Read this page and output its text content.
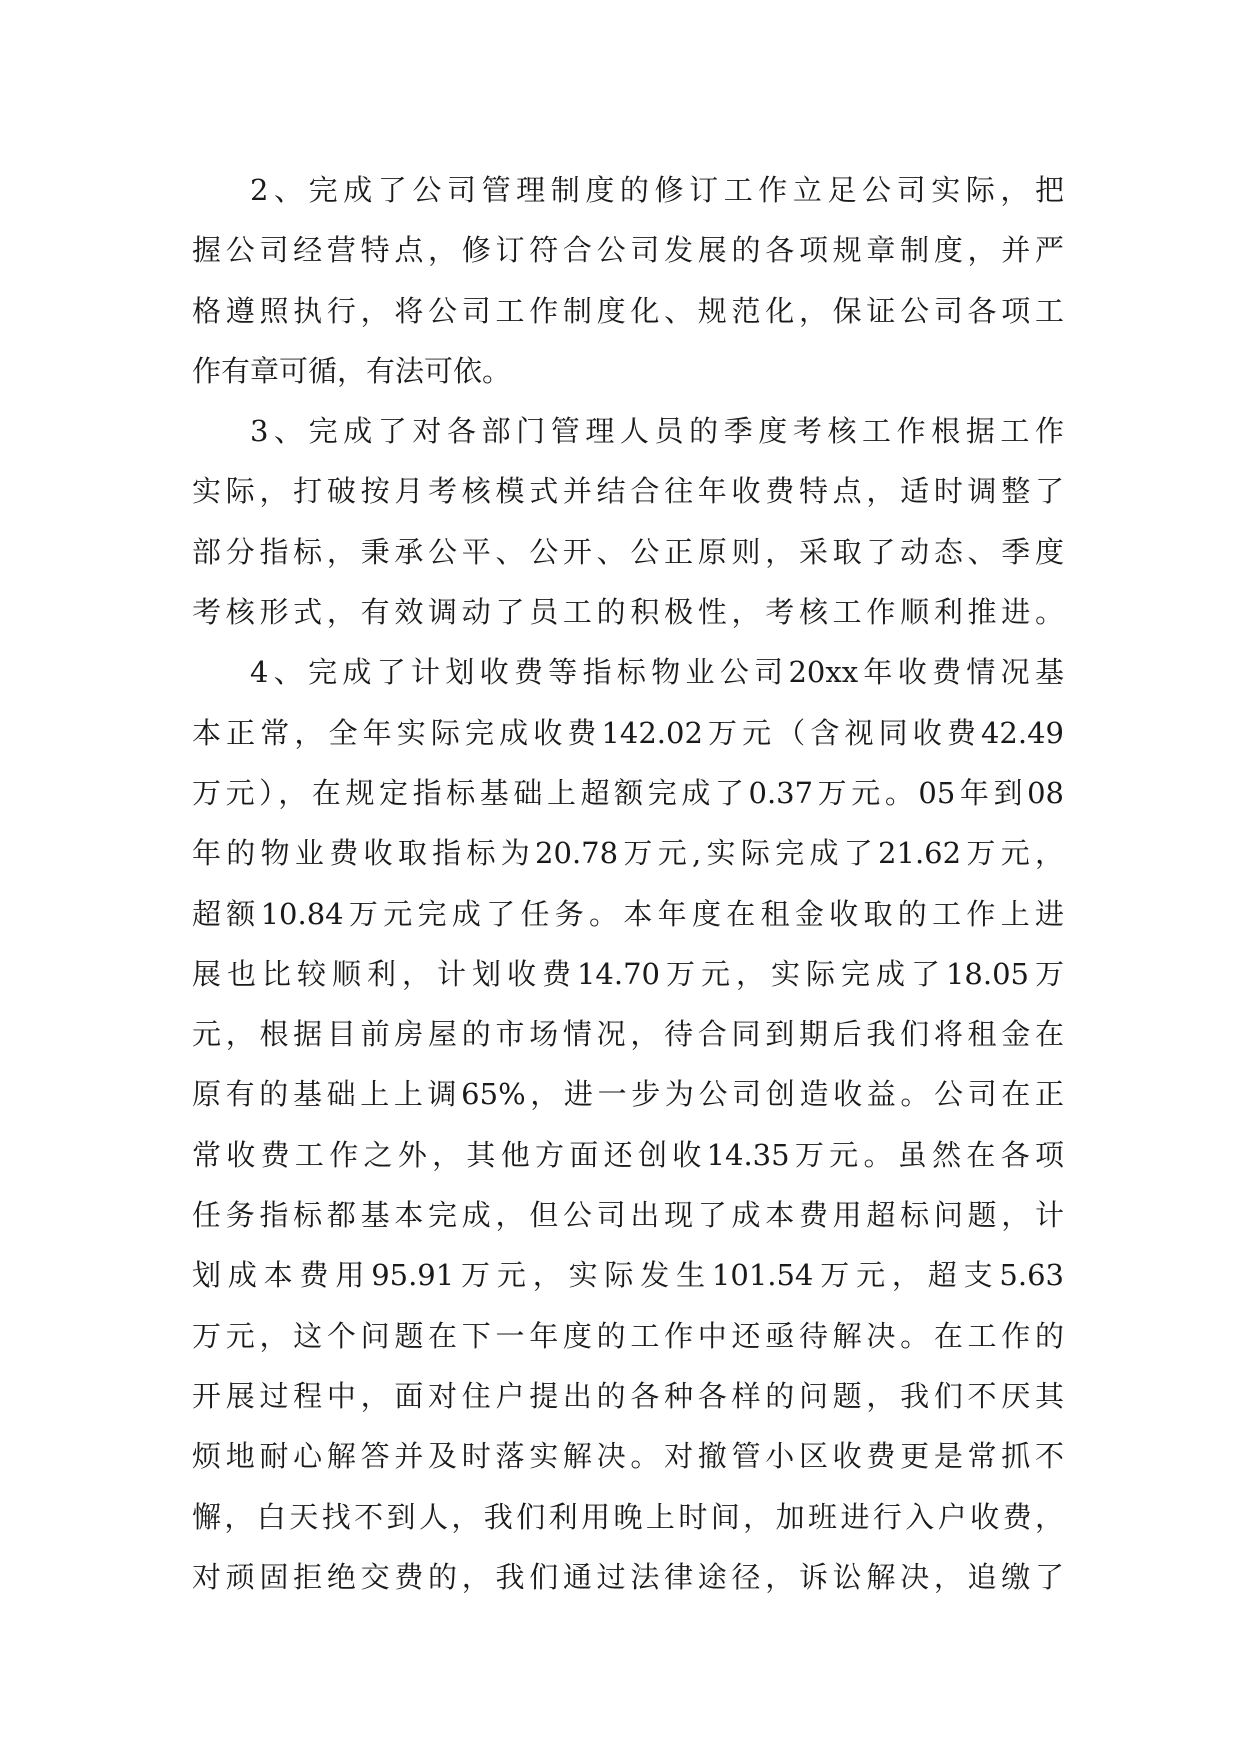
2、完成了公司管理制度的修订工作立足公司实际，把
握公司经营特点，修订符合公司发展的各项规章制度，并严
格遵照执行，将公司工作制度化、规范化，保证公司各项工
作有章可循，有法可依。
3、完成了对各部门管理人员的季度考核工作根据工作
实际，打破按月考核模式并结合往年收费特点，适时调整了
部分指标，秉承公平、公开、公正原则，采取了动态、季度
考核形式，有效调动了员工的积极性，考核工作顺利推进。
4、完成了计划收费等指标物业公司20xx年收费情况基
本正常，全年实际完成收费142.02万元（含视同收费42.49
万元），在规定指标基础上超额完成了0.37万元。05年到08
年的物业费收取指标为20.78万元,实际完成了21.62万元，
超额10.84万元完成了任务。本年度在租金收取的工作上进
展也比较顺利，计划收费14.70万元，实际完成了18.05万
元，根据目前房屋的市场情况，待合同到期后我们将租金在
原有的基础上上调65%，进一步为公司创造收益。公司在正
常收费工作之外，其他方面还创收14.35万元。虽然在各项
任务指标都基本完成，但公司出现了成本费用超标问题，计
划成本费用95.91万元，实际发生101.54万元，超支5.63
万元，这个问题在下一年度的工作中还亟待解决。在工作的
开展过程中，面对住户提出的各种各样的问题，我们不厌其
烦地耐心解答并及时落实解决。对撤管小区收费更是常抓不
懈，白天找不到人，我们利用晚上时间，加班进行入户收费，
对顽固拒绝交费的，我们通过法律途径，诉讼解决，追缴了
